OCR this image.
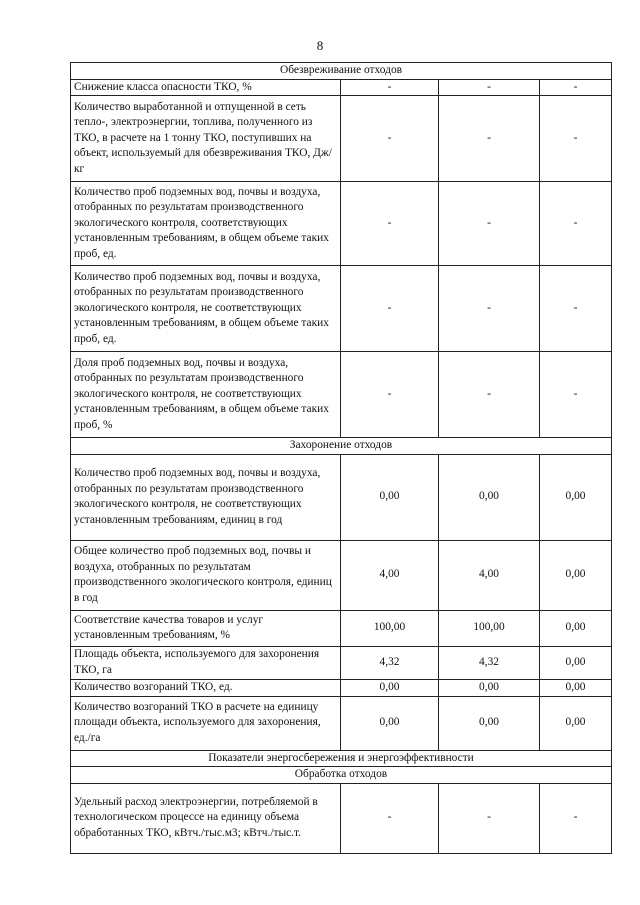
8
Обезвреживание отходов			
Снижение класса опасности ТКО, %	-	-	-
Количество выработанной и отпущенной в сеть тепло-, электроэнергии, топлива, полученного из ТКО, в расчете на 1 тонну ТКО, поступивших на объект, используемый для обезвреживания ТКО, Дж/кг	-	-	-
Количество проб подземных вод, почвы и воздуха, отобранных по результатам производственного экологического контроля, соответствующих установленным требованиям, в общем объеме таких проб, ед.	-	-	-
Количество проб подземных вод, почвы и воздуха, отобранных по результатам производственного экологического контроля, не соответствующих установленным требованиям, в общем объеме таких проб, ед.	-	-	-
Доля проб подземных вод, почвы и воздуха, отобранных по результатам производственного экологического контроля, не соответствующих установленным требованиям, в общем объеме таких проб, %	-	-	-
Захоронение отходов			
Количество проб подземных вод, почвы и воздуха, отобранных по результатам производственного экологического контроля, не соответствующих установленным требованиям, единиц в год	0,00	0,00	0,00
Общее количество проб подземных вод, почвы и воздуха, отобранных по результатам производственного экологического контроля, единиц в год	4,00	4,00	0,00
Соответствие качества товаров и услуг установленным требованиям, %	100,00	100,00	0,00
Площадь объекта, используемого для захоронения ТКО, га	4,32	4,32	0,00
Количество возгораний ТКО, ед.	0,00	0,00	0,00
Количество возгораний ТКО в расчете на единицу площади объекта, используемого для захоронения, ед./га	0,00	0,00	0,00
Показатели энергосбережения и энергоэффективности			
Обработка отходов			
Удельный расход электроэнергии, потребляемой в технологическом процессе на единицу объема обработанных ТКО, кВтч./тыс.м3; кВтч./тыс.т.	-	-	-
